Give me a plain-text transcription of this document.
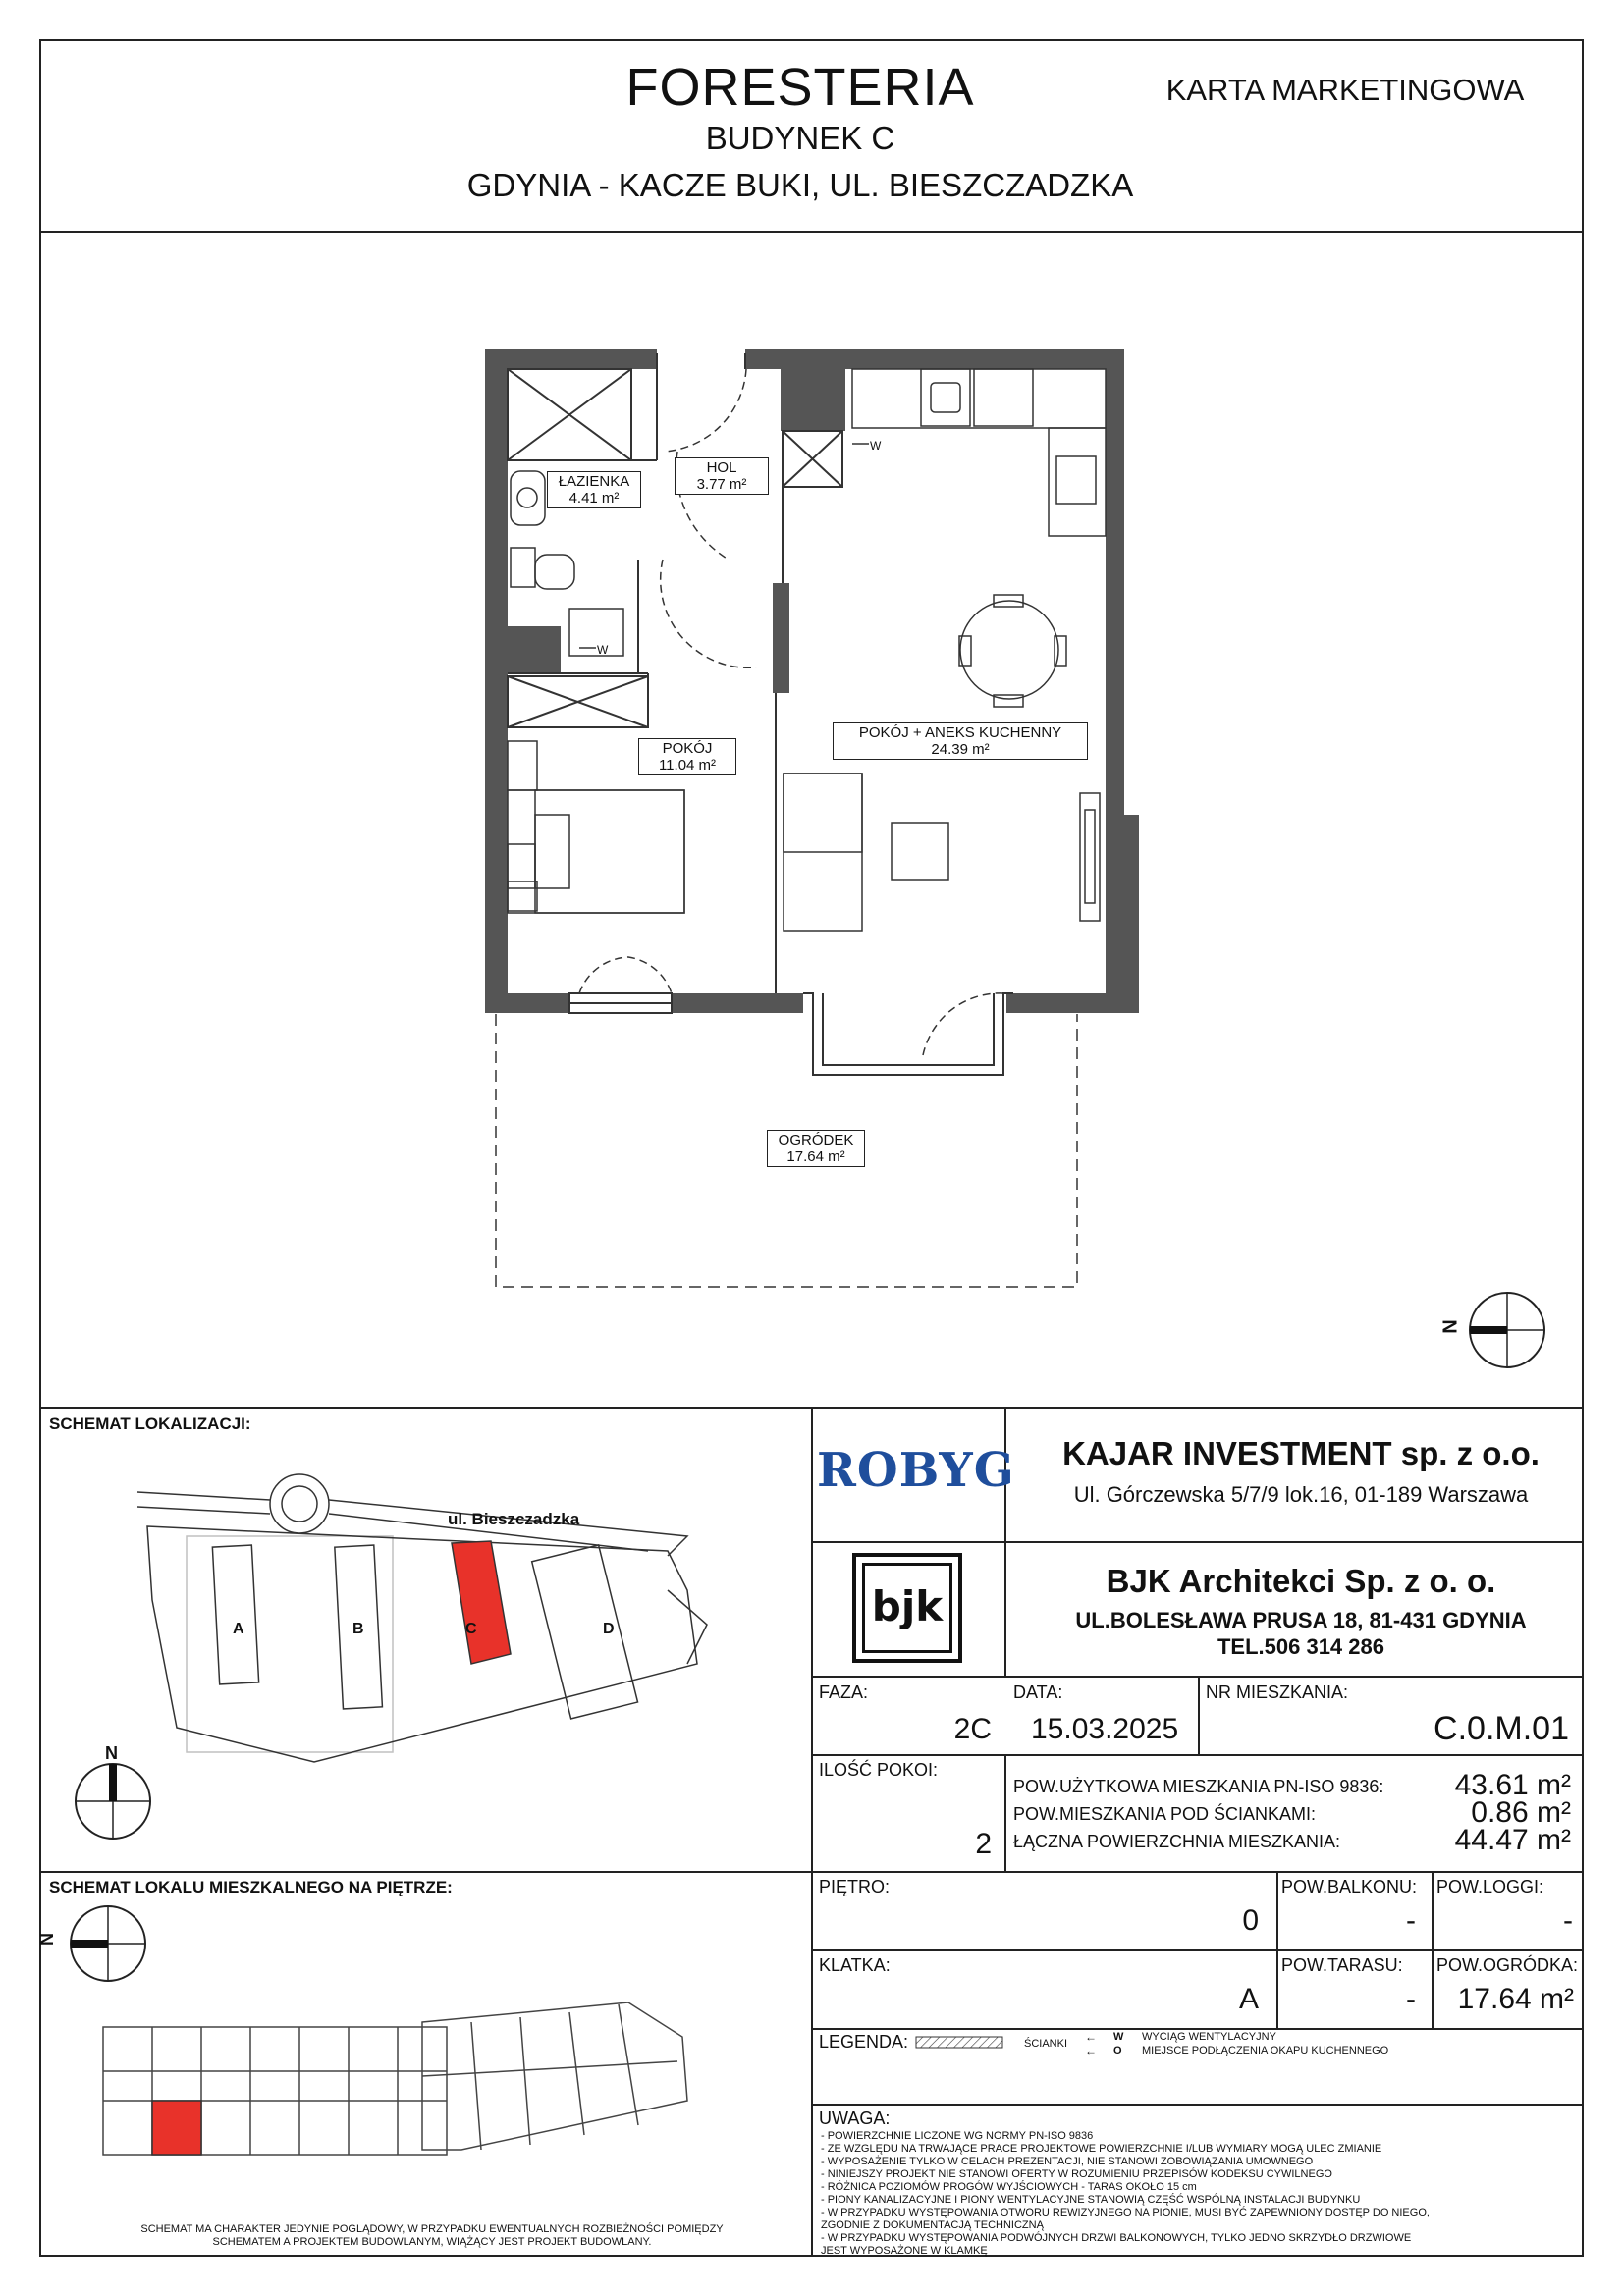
FORESTERIA
BUDYNEK C
GDYNIA - KACZE BUKI, UL. BIESZCZADZKA
KARTA MARKETINGOWA
W
W
ŁAZIENKA
4.41 m²
HOL
3.77 m²
POKÓJ
11.04 m²
POKÓJ + ANEKS KUCHENNY
24.39 m²
OGRÓDEK
17.64 m²
N
SCHEMAT LOKALIZACJI:
ul. Bieszczadzka
A	B	C	D
N
SCHEMAT LOKALU MIESZKALNEGO NA PIĘTRZE:
N
SCHEMAT MA CHARAKTER JEDYNIE POGLĄDOWY, W PRZYPADKU EWENTUALNYCH ROZBIEŻNOŚCI POMIĘDZY SCHEMATEM A PROJEKTEM BUDOWLANYM, WIĄŻĄCY JEST PROJEKT BUDOWLANY.
ROBYG	KAJAR INVESTMENT sp. z o.o.
Ul. Górczewska 5/7/9 lok.16, 01-189 Warszawa
bjk
BJK Architekci Sp. z o. o.
UL.BOLESŁAWA PRUSA 18, 81-431 GDYNIA
TEL.506 314 286
FAZA:
2C
DATA:
15.03.2025
NR MIESZKANIA:
C.0.M.01
ILOŚĆ POKOI:
2
POW.UŻYTKOWA MIESZKANIA PN-ISO 9836:	43.61 m²
POW.MIESZKANIA POD ŚCIANKAMI:	0.86 m²
ŁĄCZNA POWIERZCHNIA MIESZKANIA:	44.47 m²
PIĘTRO:
0
POW.BALKONU:
-
POW.LOGGI:
-
KLATKA:
A
POW.TARASU:
-
POW.OGRÓDKA:
17.64 m²
LEGENDA:	ŚCIANKI ← W WYCIĄG WENTYLACYJNY
← O MIEJSCE PODŁĄCZENIA OKAPU KUCHENNEGO
UWAGA:
- POWIERZCHNIE LICZONE WG NORMY PN-ISO 9836
- ZE WZGLĘDU NA TRWAJĄCE PRACE PROJEKTOWE POWIERZCHNIE I/LUB WYMIARY MOGĄ ULEC ZMIANIE
- WYPOSAŻENIE TYLKO W CELACH PREZENTACJI, NIE STANOWI ZOBOWIĄZANIA UMOWNEGO
- NINIEJSZY PROJEKT NIE STANOWI OFERTY W ROZUMIENIU PRZEPISÓW KODEKSU CYWILNEGO
- RÓŻNICA POZIOMÓW PROGÓW WYJŚCIOWYCH - TARAS OKOŁO 15 cm
- PIONY KANALIZACYJNE I PIONY WENTYLACYJNE STANOWIĄ CZĘŚĆ WSPÓLNĄ INSTALACJI BUDYNKU
- W PRZYPADKU WYSTĘPOWANIA OTWORU REWIZYJNEGO NA PIONIE, MUSI BYĆ ZAPEWNIONY DOSTĘP DO NIEGO,
ZGODNIE Z DOKUMENTACJĄ TECHNICZNĄ
- W PRZYPADKU WYSTĘPOWANIA PODWÓJNYCH DRZWI BALKONOWYCH, TYLKO JEDNO SKRZYDŁO DRZWIOWE
JEST WYPOSAŻONE W KLAMKĘ
